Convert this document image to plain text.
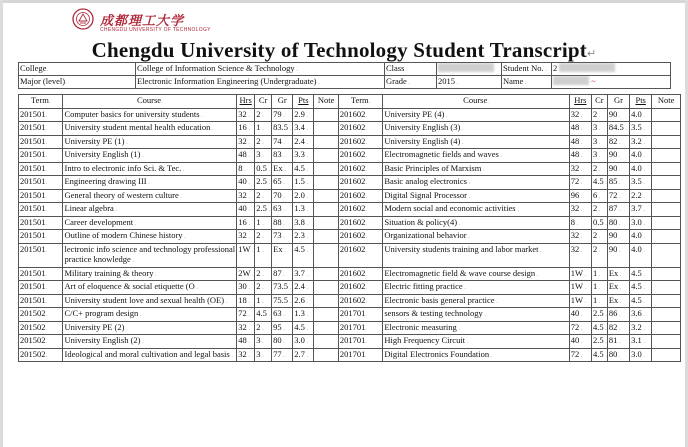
成都理工大学
CHENGDU UNIVERSITY OF TECHNOLOGY
Chengdu University of Technology Student Transcript↵
College.	College of Information Science & Technology .	Class .		Student No. .	2
Major (level).	Electronic Information Engineering (Undergraduate) .	Grade .	2015 .	Name .	~
Term.	Course.	Hrs	Cr	Gr	Pts	Note	Term.	Course.	Hrs	Cr	Gr	Pts	Note
201501.	Computer basics for university students .	32 .	2 .	79 .	2.9 .		201602.	University PE (4) .	32 .	2 .	90 .	4.0 .	
201501.	University student mental health education .	16 .	1 .	83.5 .	3.4 .		201602.	University English (3) .	48 .	3 .	84.5 .	3.5 .	
201501.	University PE (1) .	32 .	2 .	74 .	2.4 .		201602.	University English (4) .	48 .	3 .	82 .	3.2 .	
201501.	University English (1) .	48 .	3 .	83 .	3.3 .		201602.	Electromagnetic fields and waves .	48 .	3 .	90 .	4.0 .	
201501.	Intro to electronic info Sci. & Tec. .	8 .	0.5 .	Ex .	4.5 .		201602.	Basic Principles of Marxism .	32 .	2 .	90 .	4.0 .	
201501.	Engineering drawing III .	40 .	2.5 .	65 .	1.5 .		201602.	Basic analog electronics .	72 .	4.5 .	85 .	3.5 .	
201501.	General theory of western culture .	32 .	2 .	70 .	2.0 .		201602.	Digital Signal Processor .	96 .	6 .	72 .	2.2 .	
201501.	Linear algebra .	40 .	2.5 .	63 .	1.3 .		201602.	Modern social and economic activities .	32 .	2 .	87 .	3.7 .	
201501.	Career development .	16 .	1 .	88 .	3.8 .		201602.	Situation & policy(4) .	8 .	0.5 .	80 .	3.0 .	
201501.	Outline of modern Chinese history .	32 .	2 .	73 .	2.3 .		201602.	Organizational behavior .	32 .	2 .	90 .	4.0 .	
201501.	lectronic info science and technology professional practice knowledge .	1W .	1 .	Ex .	4.5 .		201602.	University students training and labor market .	32 .	2 .	90 .	4.0 .	
201501.	Military training & theory .	2W .	2 .	87 .	3.7 .		201602.	Electromagnetic field & wave course design .	1W .	1 .	Ex .	4.5 .	
201501.	Art of eloquence & social etiquette (O .	30 .	2 .	73.5 .	2.4 .		201602.	Electric fitting practice .	1W .	1 .	Ex .	4.5 .	
201501.	University student love and sexual health (OE) .	18 .	1 .	75.5 .	2.6 .		201602.	Electronic basis general practice .	1W .	1 .	Ex .	4.5 .	
201502.	C/C+ program design .	72 .	4.5 .	63 .	1.3 .		201701.	sensors & testing technology .	40 .	2.5 .	86 .	3.6 .	
201502.	University PE (2) .	32 .	2 .	95 .	4.5 .		201701.	Electronic measuring .	72 .	4.5 .	82 .	3.2 .	
201502.	University English (2) .	48 .	3 .	80 .	3.0 .		201701.	High Frequency Circuit .	40 .	2.5 .	81 .	3.1 .	
201502.	Ideological and moral cultivation and legal basis .	32 .	3 .	77 .	2.7 .		201701.	Digital Electronics Foundation .	72 .	4.5 .	80 .	3.0 .	
